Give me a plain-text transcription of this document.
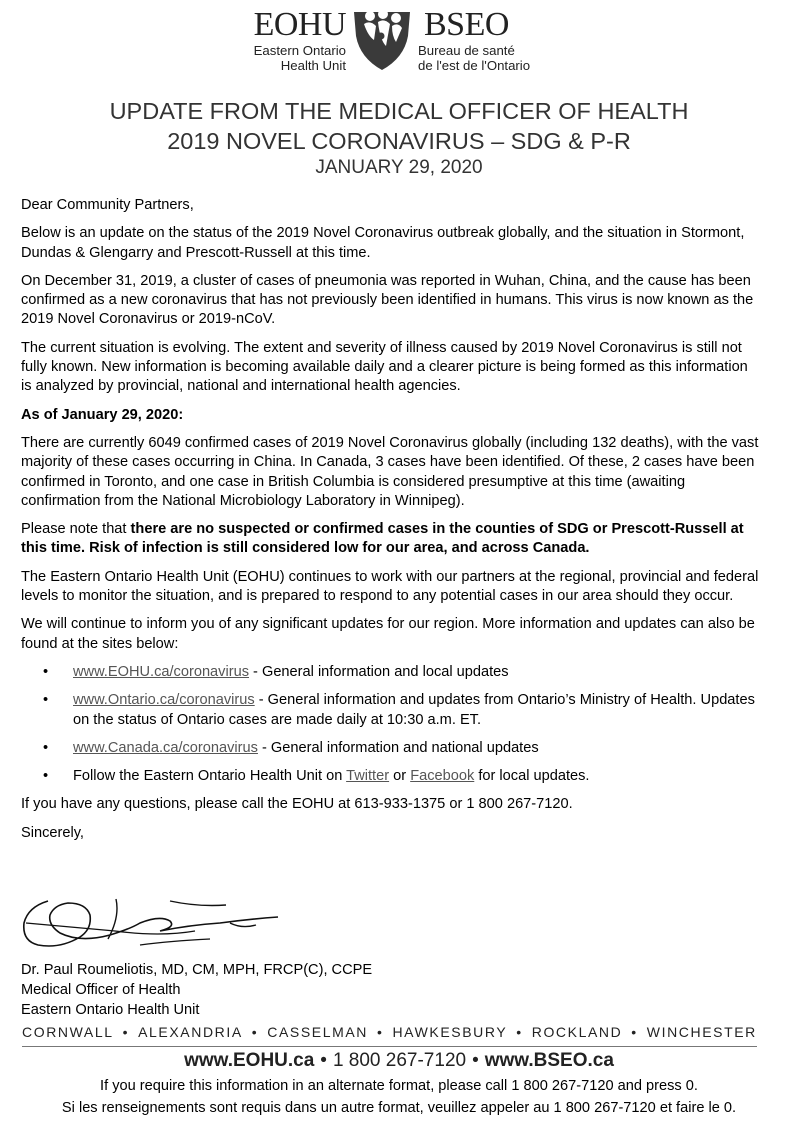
EOHU
Eastern Ontario
Health Unit
BSEO
Bureau de santé
de l'est de l'Ontario
UPDATE FROM THE MEDICAL OFFICER OF HEALTH
2019 NOVEL CORONAVIRUS – SDG & P-R
JANUARY 29, 2020

Dear Community Partners,

Below is an update on the status of the 2019 Novel Coronavirus outbreak globally, and the situation in Stormont, Dundas & Glengarry and Prescott-Russell at this time.

On December 31, 2019, a cluster of cases of pneumonia was reported in Wuhan, China, and the cause has been confirmed as a new coronavirus that has not previously been identified in humans. This virus is now known as the 2019 Novel Coronavirus or 2019-nCoV.

The current situation is evolving. The extent and severity of illness caused by 2019 Novel Coronavirus is still not fully known. New information is becoming available daily and a clearer picture is being formed as this information is analyzed by provincial, national and international health agencies.

As of January 29, 2020:

There are currently 6049 confirmed cases of 2019 Novel Coronavirus globally (including 132 deaths), with the vast majority of these cases occurring in China. In Canada, 3 cases have been identified. Of these, 2 cases have been confirmed in Toronto, and one case in British Columbia is considered presumptive at this time (awaiting confirmation from the National Microbiology Laboratory in Winnipeg).

Please note that there are no suspected or confirmed cases in the counties of SDG or Prescott-Russell at this time. Risk of infection is still considered low for our area, and across Canada.

The Eastern Ontario Health Unit (EOHU) continues to work with our partners at the regional, provincial and federal levels to monitor the situation, and is prepared to respond to any potential cases in our area should they occur.

We will continue to inform you of any significant updates for our region. More information and updates can also be found at the sites below:

• www.EOHU.ca/coronavirus - General information and local updates
• www.Ontario.ca/coronavirus - General information and updates from Ontario’s Ministry of Health. Updates on the status of Ontario cases are made daily at 10:30 a.m. ET.
• www.Canada.ca/coronavirus - General information and national updates
• Follow the Eastern Ontario Health Unit on Twitter or Facebook for local updates.

If you have any questions, please call the EOHU at 613-933-1375 or 1 800 267-7120.

Sincerely,

Dr. Paul Roumeliotis, MD, CM, MPH, FRCP(C), CCPE
Medical Officer of Health
Eastern Ontario Health Unit
CORNWALL • ALEXANDRIA • CASSELMAN • HAWKESBURY • ROCKLAND • WINCHESTER
www.EOHU.ca • 1 800 267-7120 • www.BSEO.ca
If you require this information in an alternate format, please call 1 800 267-7120 and press 0.
Si les renseignements sont requis dans un autre format, veuillez appeler au 1 800 267-7120 et faire le 0.
